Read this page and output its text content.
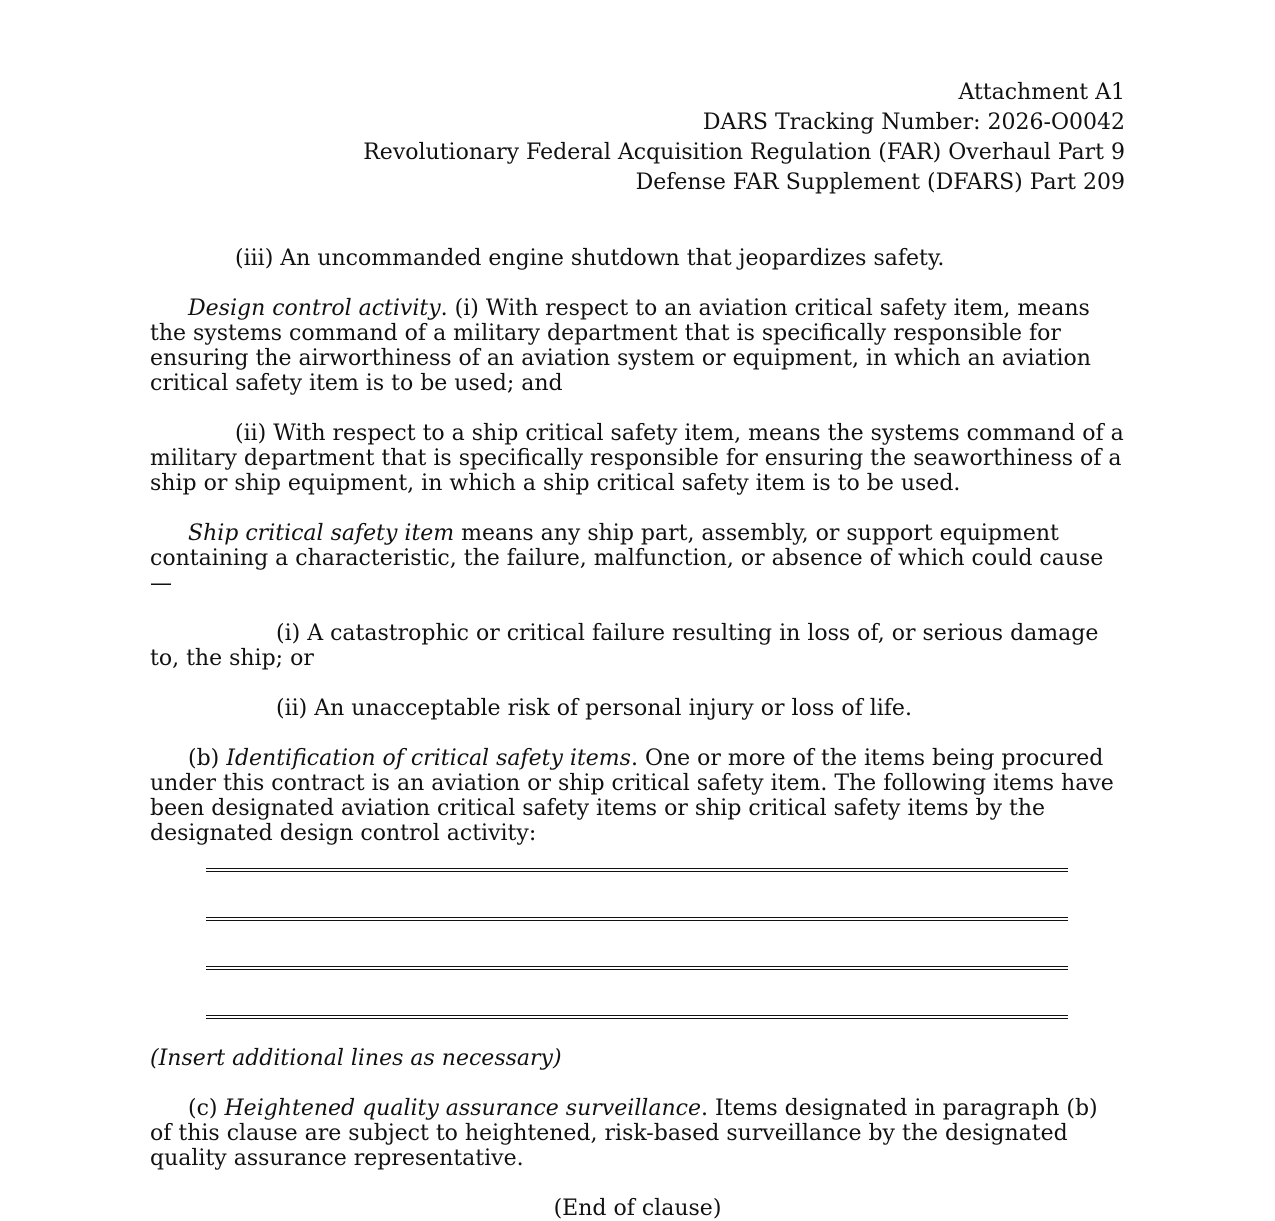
Attachment A1
DARS Tracking Number: 2026-O0042
Revolutionary Federal Acquisition Regulation (FAR) Overhaul Part 9
Defense FAR Supplement (DFARS) Part 209

(iii) An uncommanded engine shutdown that jeopardizes safety.

Design control activity. (i) With respect to an aviation critical safety item, means the systems command of a military department that is specifically responsible for ensuring the airworthiness of an aviation system or equipment, in which an aviation critical safety item is to be used; and

(ii) With respect to a ship critical safety item, means the systems command of a military department that is specifically responsible for ensuring the seaworthiness of a ship or ship equipment, in which a ship critical safety item is to be used.

Ship critical safety item means any ship part, assembly, or support equipment containing a characteristic, the failure, malfunction, or absence of which could cause—

(i) A catastrophic or critical failure resulting in loss of, or serious damage to, the ship; or

(ii) An unacceptable risk of personal injury or loss of life.

(b) Identification of critical safety items. One or more of the items being procured under this contract is an aviation or ship critical safety item. The following items have been designated aviation critical safety items or ship critical safety items by the designated design control activity:

(Insert additional lines as necessary)

(c) Heightened quality assurance surveillance. Items designated in paragraph (b) of this clause are subject to heightened, risk-based surveillance by the designated quality assurance representative.

(End of clause)
